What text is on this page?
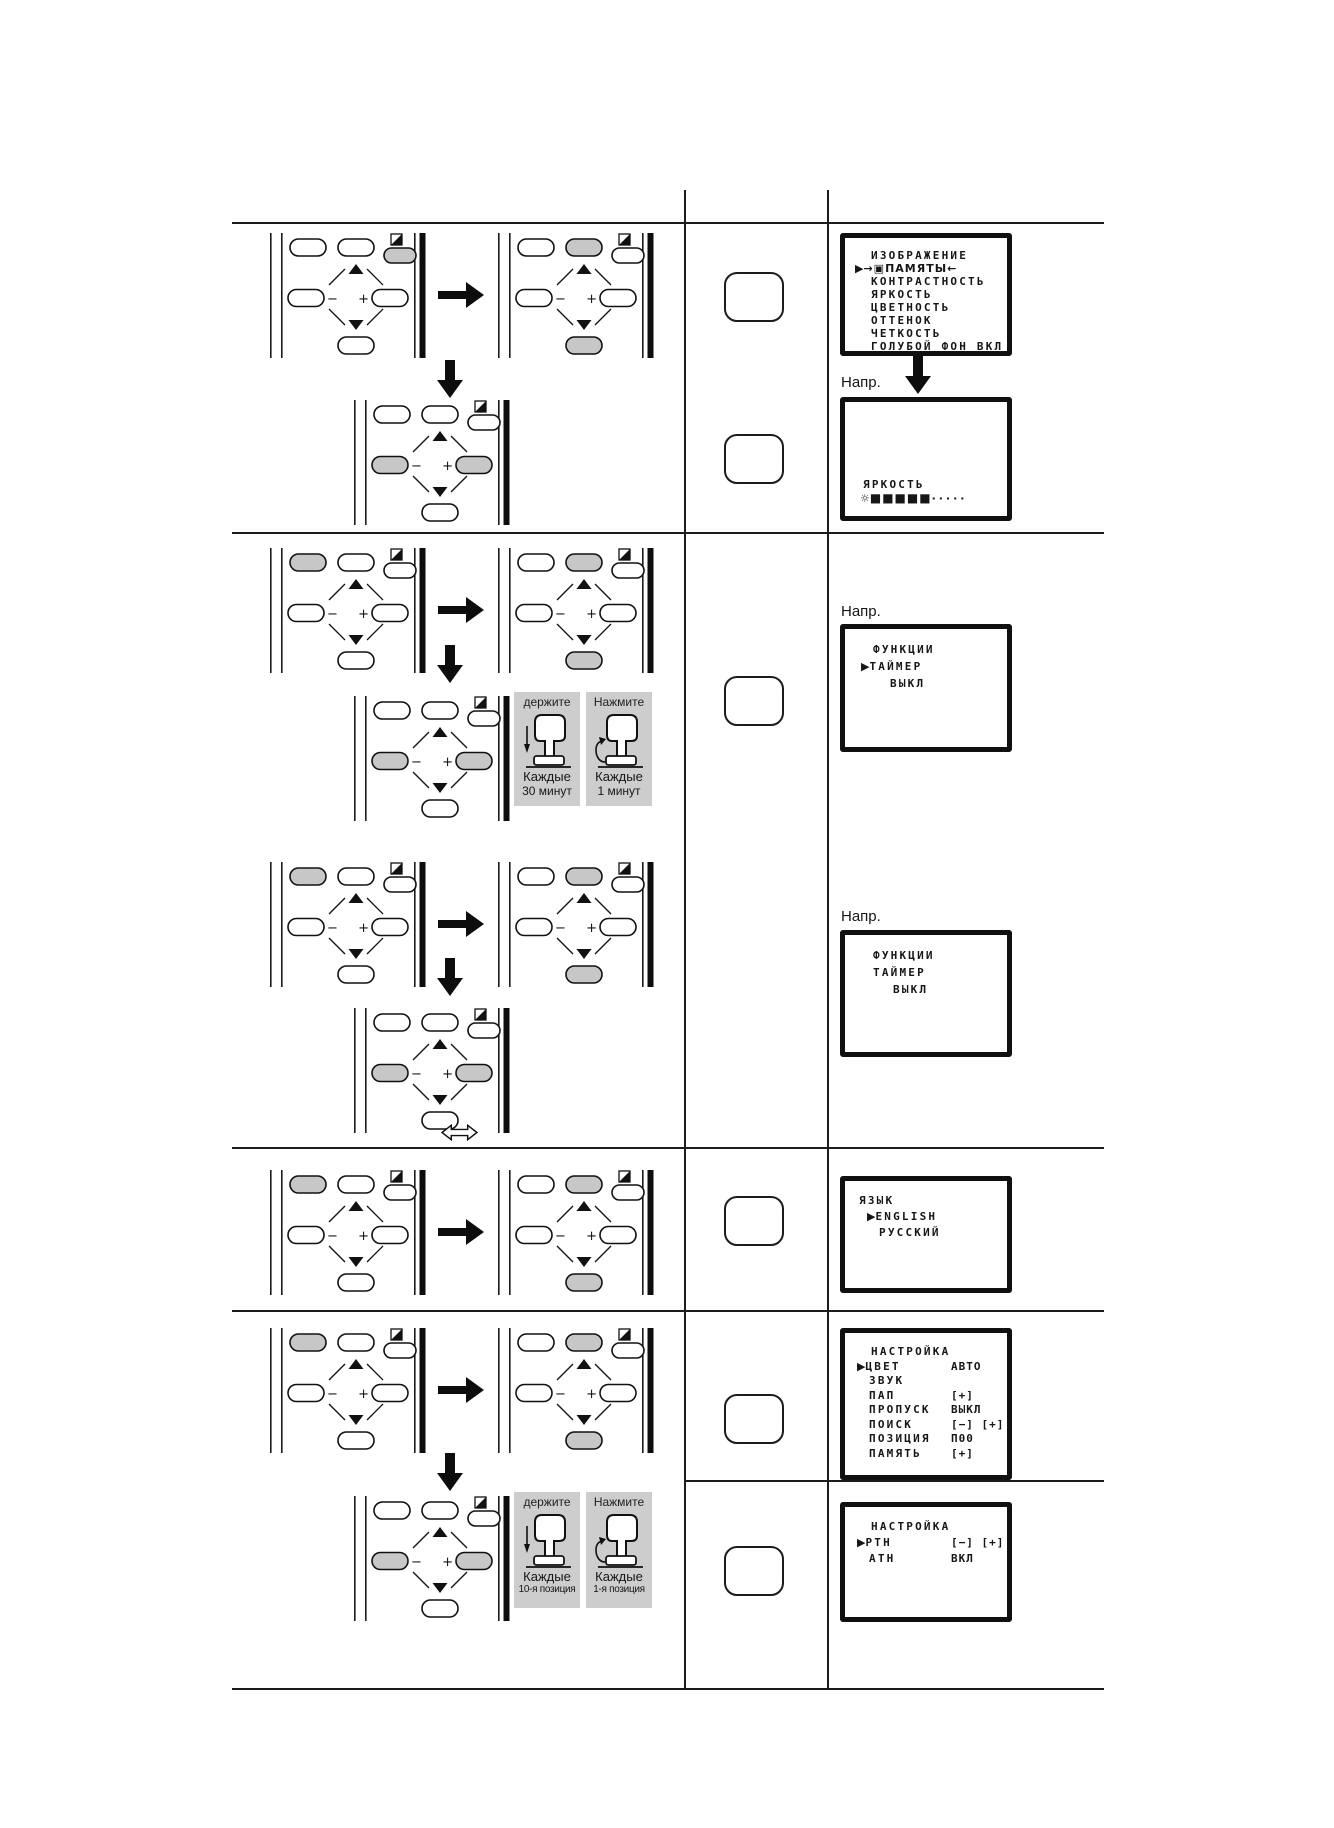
ИЗОБРАЖЕНИЕ
▶→▣ПАМЯТЫ←
КОНТРАСТНОСТЬ
ЯРКОСТЬ
ЦВЕТНОСТЬ
ОТТЕНОК
ЧЕТКОСТЬ
ГОЛУБОЙ ФОН ВКЛ
Напр.
ЯРКОСТЬ
☼■■■■■·····
держите
Каждые
30 минут
Нажмите
Каждые
1 минут
Напр.
ФУНКЦИИ
▶ТАЙМЕР
ВЫКЛ
Напр.
ФУНКЦИИ
ТАЙМЕР
ВЫКЛ
ЯЗЫК
▶ENGLISH
РУССКИЙ
держите
Каждые
10-я позиция
Нажмите
Каждые
1-я позиция
НАСТРОЙКА
▶ЦВЕТ	АВТО
ЗВУК
ПАП	[+]
ПРОПУСК ВЫКЛ
ПОИСК	[−] [+]
ПОЗИЦИЯ П00
ПАМЯТЬ	[+]
НАСТРОЙКА
▶РТН	[−] [+]
АТН	ВКЛ
